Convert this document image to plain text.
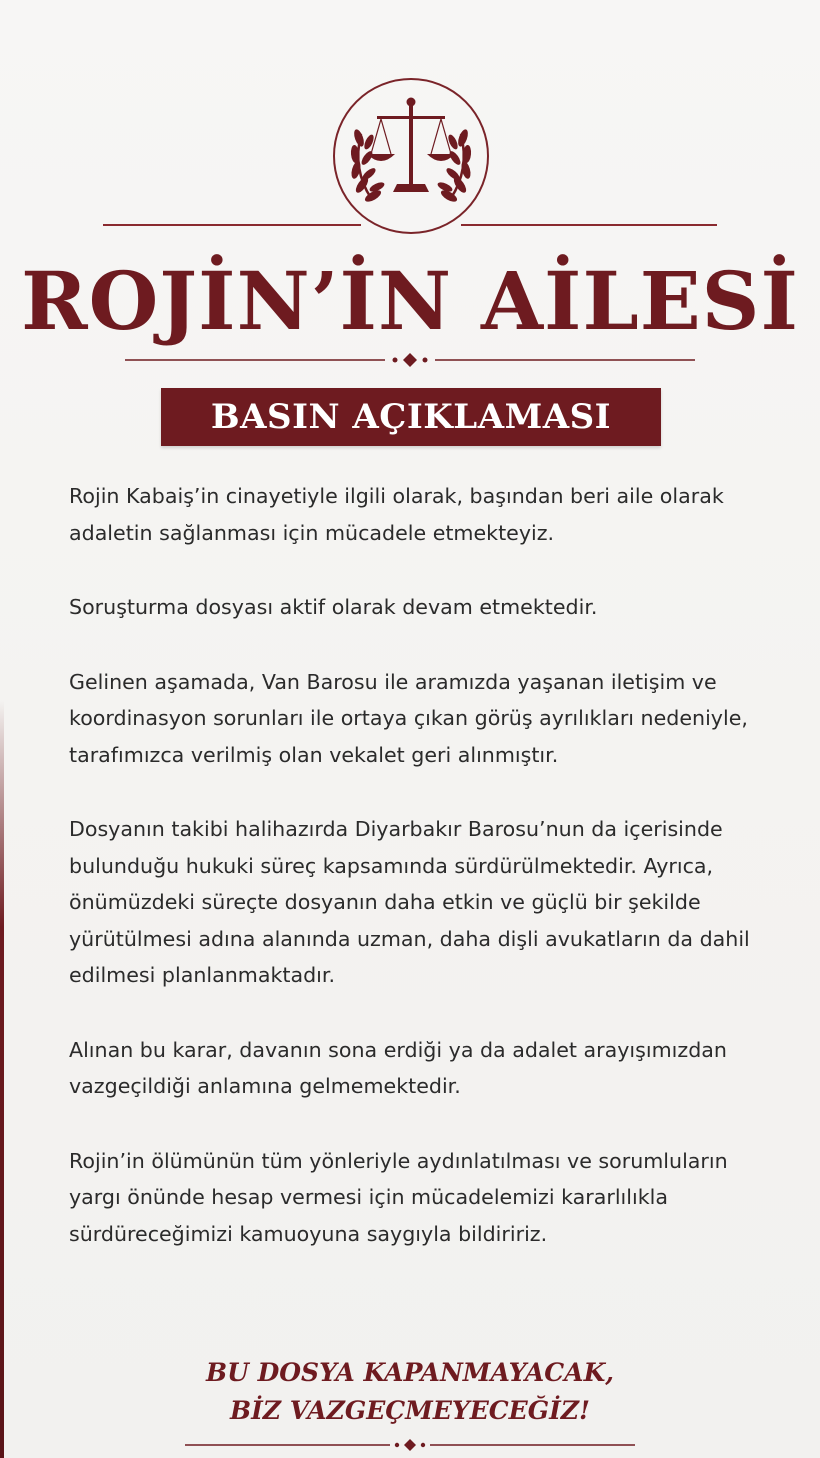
ROJİN’İN AİLESİ
BASIN AÇIKLAMASI

Rojin Kabaiş’in cinayetiyle ilgili olarak, başından beri aile olarak adaletin sağlanması için mücadele etmekteyiz.

Soruşturma dosyası aktif olarak devam etmektedir.

Gelinen aşamada, Van Barosu ile aramızda yaşanan iletişim ve koordinasyon sorunları ile ortaya çıkan görüş ayrılıkları nedeniyle, tarafımızca verilmiş olan vekalet geri alınmıştır.

Dosyanın takibi halihazırda Diyarbakır Barosu’nun da içerisinde bulunduğu hukuki süreç kapsamında sürdürülmektedir. Ayrıca, önümüzdeki süreçte dosyanın daha etkin ve güçlü bir şekilde yürütülmesi adına alanında uzman, daha dişli avukatların da dahil edilmesi planlanmaktadır.

Alınan bu karar, davanın sona erdiği ya da adalet arayışımızdan vazgeçildiği anlamına gelmemektedir.

Rojin’in ölümünün tüm yönleriyle aydınlatılması ve sorumluların yargı önünde hesap vermesi için mücadelemizi kararlılıkla sürdüreceğimizi kamuoyuna saygıyla bildiririz.

BU DOSYA KAPANMAYACAK,
BİZ VAZGEÇMEYECEĞİZ!
